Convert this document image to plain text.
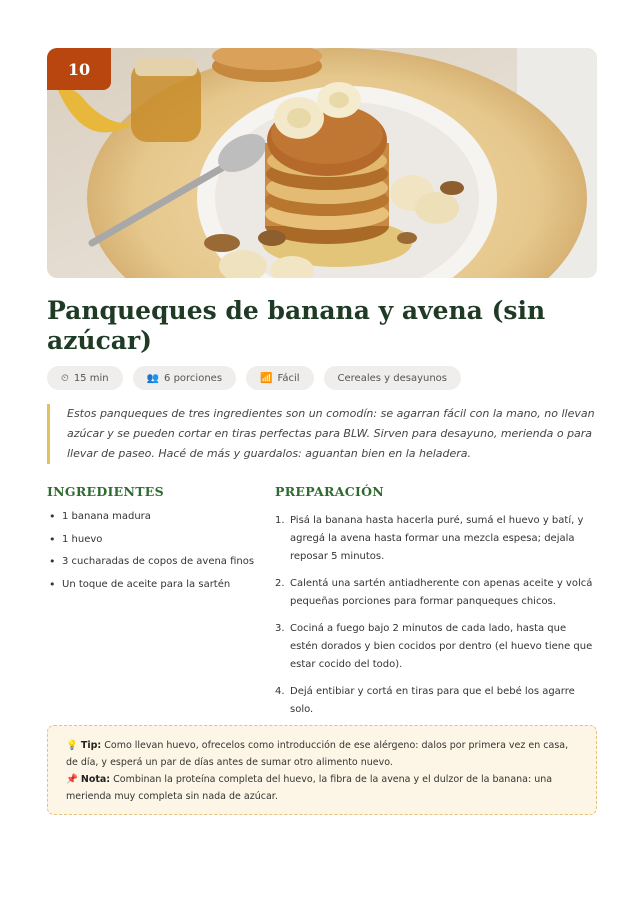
10
Panqueques de banana y avena (sin azúcar)
⏲ 15 min	👥 6 porciones	📶 Fácil	Cereales y desayunos

Estos panqueques de tres ingredientes son un comodín: se agarran fácil con la mano, no llevan azúcar y se pueden cortar en tiras perfectas para BLW. Sirven para desayuno, merienda o para llevar de paseo. Hacé de más y guardalos: aguantan bien en la heladera.

INGREDIENTES
• 1 banana madura
• 1 huevo
• 3 cucharadas de copos de avena finos
• Un toque de aceite para la sartén
PREPARACIÓN
1. Pisá la banana hasta hacerla puré, sumá el huevo y batí, y agregá la avena hasta formar una mezcla espesa; dejala reposar 5 minutos.
2. Calentá una sartén antiadherente con apenas aceite y volcá pequeñas porciones para formar panqueques chicos.
3. Cociná a fuego bajo 2 minutos de cada lado, hasta que estén dorados y bien cocidos por dentro (el huevo tiene que estar cocido del todo).
4. Dejá entibiar y cortá en tiras para que el bebé los agarre solo.
💡 Tip: Como llevan huevo, ofrecelos como introducción de ese alérgeno: dalos por primera vez en casa, de día, y esperá un par de días antes de sumar otro alimento nuevo.
📌 Nota: Combinan la proteína completa del huevo, la fibra de la avena y el dulzor de la banana: una merienda muy completa sin nada de azúcar.
